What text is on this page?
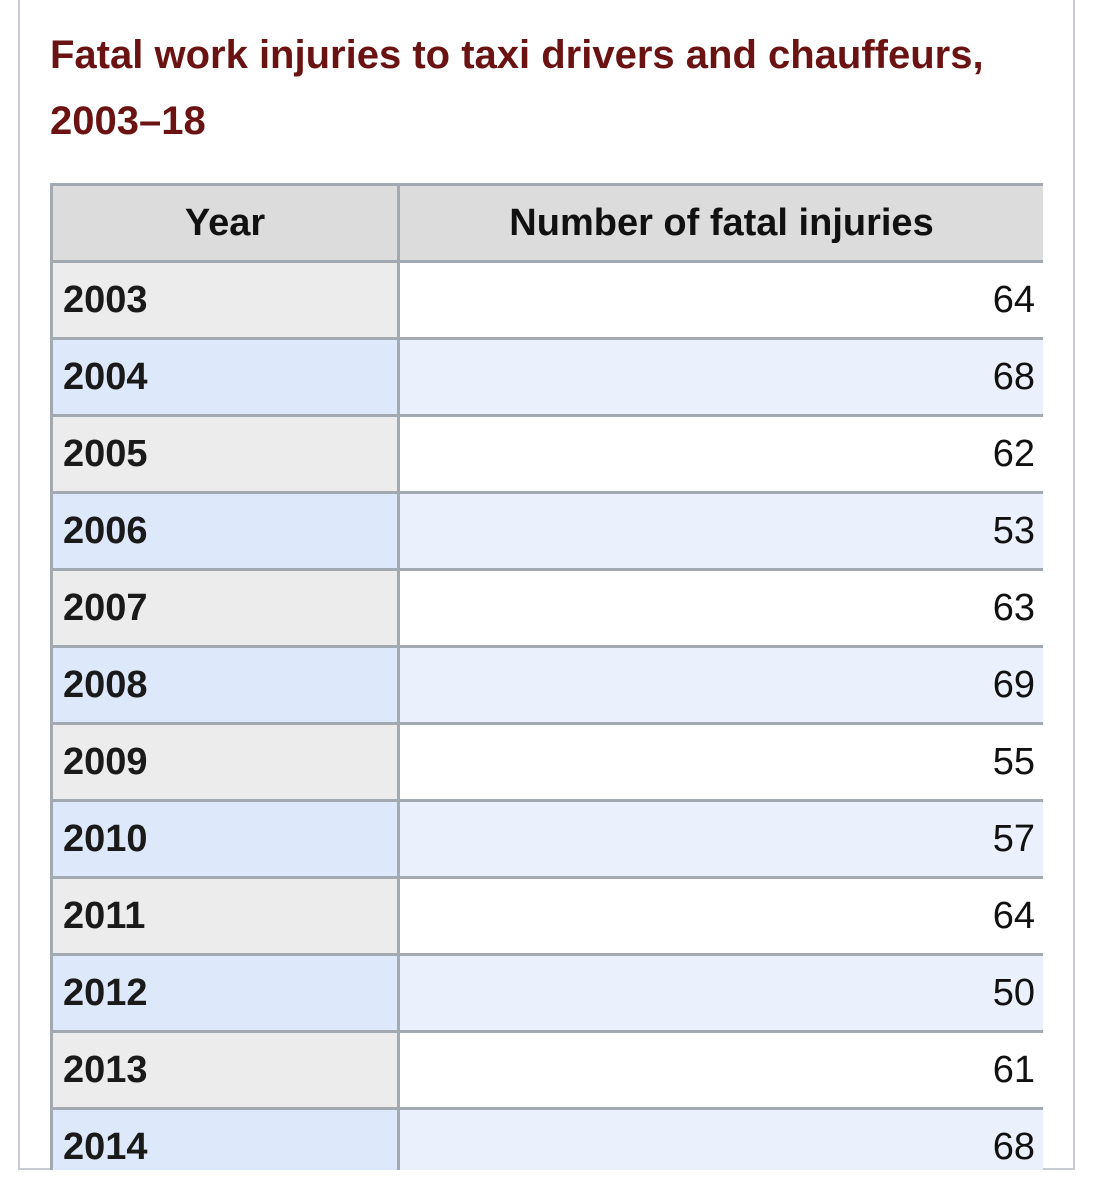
Fatal work injuries to taxi drivers and chauffeurs, 2003–18
Year	Number of fatal injuries
2003	64
2004	68
2005	62
2006	53
2007	63
2008	69
2009	55
2010	57
2011	64
2012	50
2013	61
2014	68
